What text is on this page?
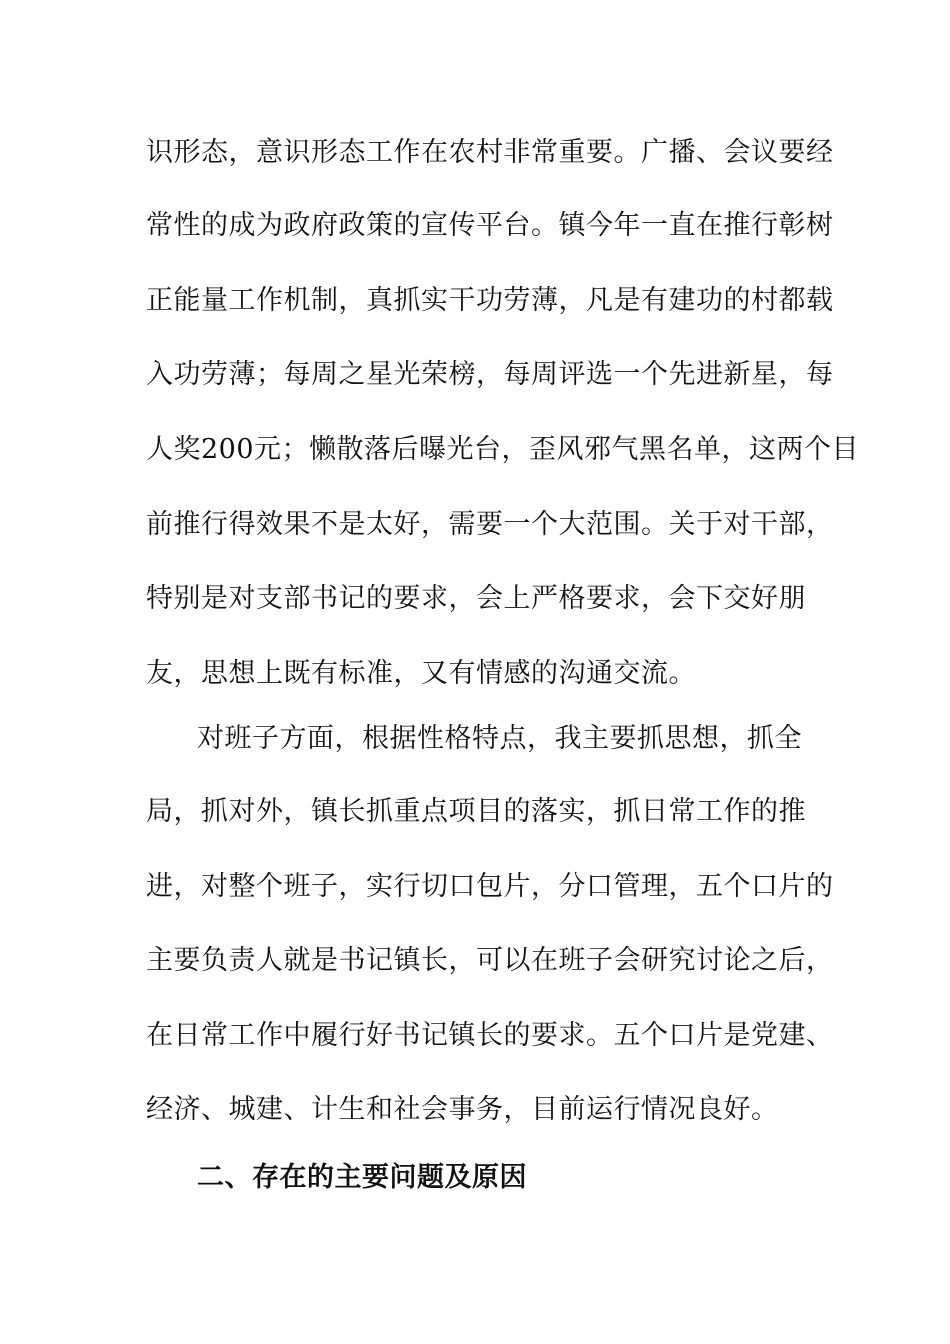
识形态，意识形态工作在农村非常重要。广播、会议要经
常性的成为政府政策的宣传平台。镇今年一直在推行彰树
正能量工作机制，真抓实干功劳薄，凡是有建功的村都载
入功劳薄；每周之星光荣榜，每周评选一个先进新星，每
人奖200元；懒散落后曝光台，歪风邪气黑名单，这两个目
前推行得效果不是太好，需要一个大范围。关于对干部，
特别是对支部书记的要求，会上严格要求，会下交好朋
友，思想上既有标准，又有情感的沟通交流。
对班子方面，根据性格特点，我主要抓思想，抓全
局，抓对外，镇长抓重点项目的落实，抓日常工作的推
进，对整个班子，实行切口包片，分口管理，五个口片的
主要负责人就是书记镇长，可以在班子会研究讨论之后，
在日常工作中履行好书记镇长的要求。五个口片是党建、
经济、城建、计生和社会事务，目前运行情况良好。
二、存在的主要问题及原因
